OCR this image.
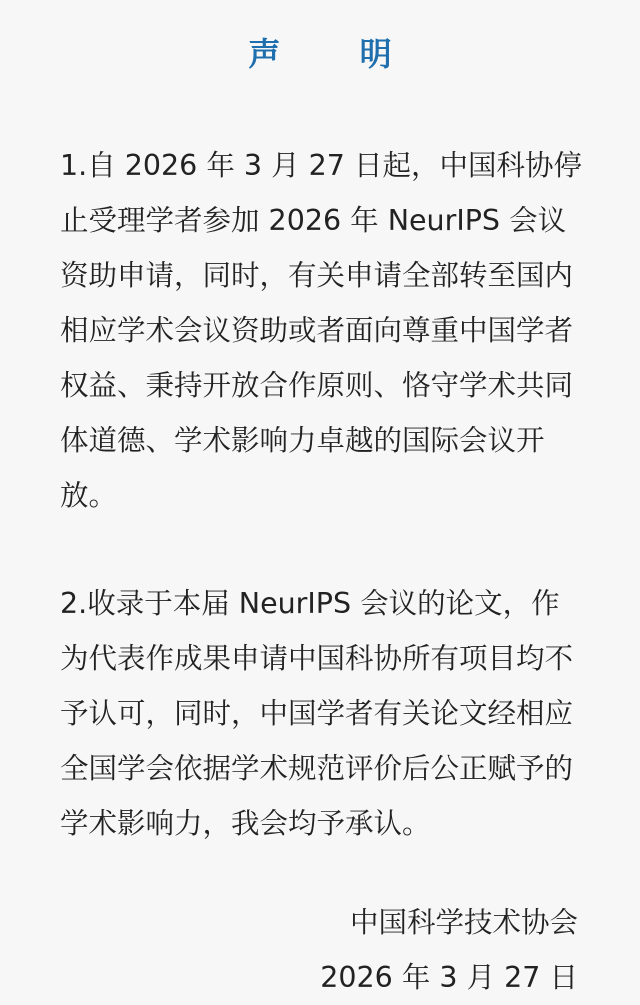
声 明
1.自 2026 年 3 月 27 日起，中国科协停止受理学者参加 2026 年 NeurIPS 会议资助申请，同时，有关申请全部转至国内相应学术会议资助或者面向尊重中国学者权益、秉持开放合作原则、恪守学术共同体道德、学术影响力卓越的国际会议开放。
2.收录于本届 NeurIPS 会议的论文，作为代表作成果申请中国科协所有项目均不予认可，同时，中国学者有关论文经相应全国学会依据学术规范评价后公正赋予的学术影响力，我会均予承认。
中国科学技术协会
2026 年 3 月 27 日
